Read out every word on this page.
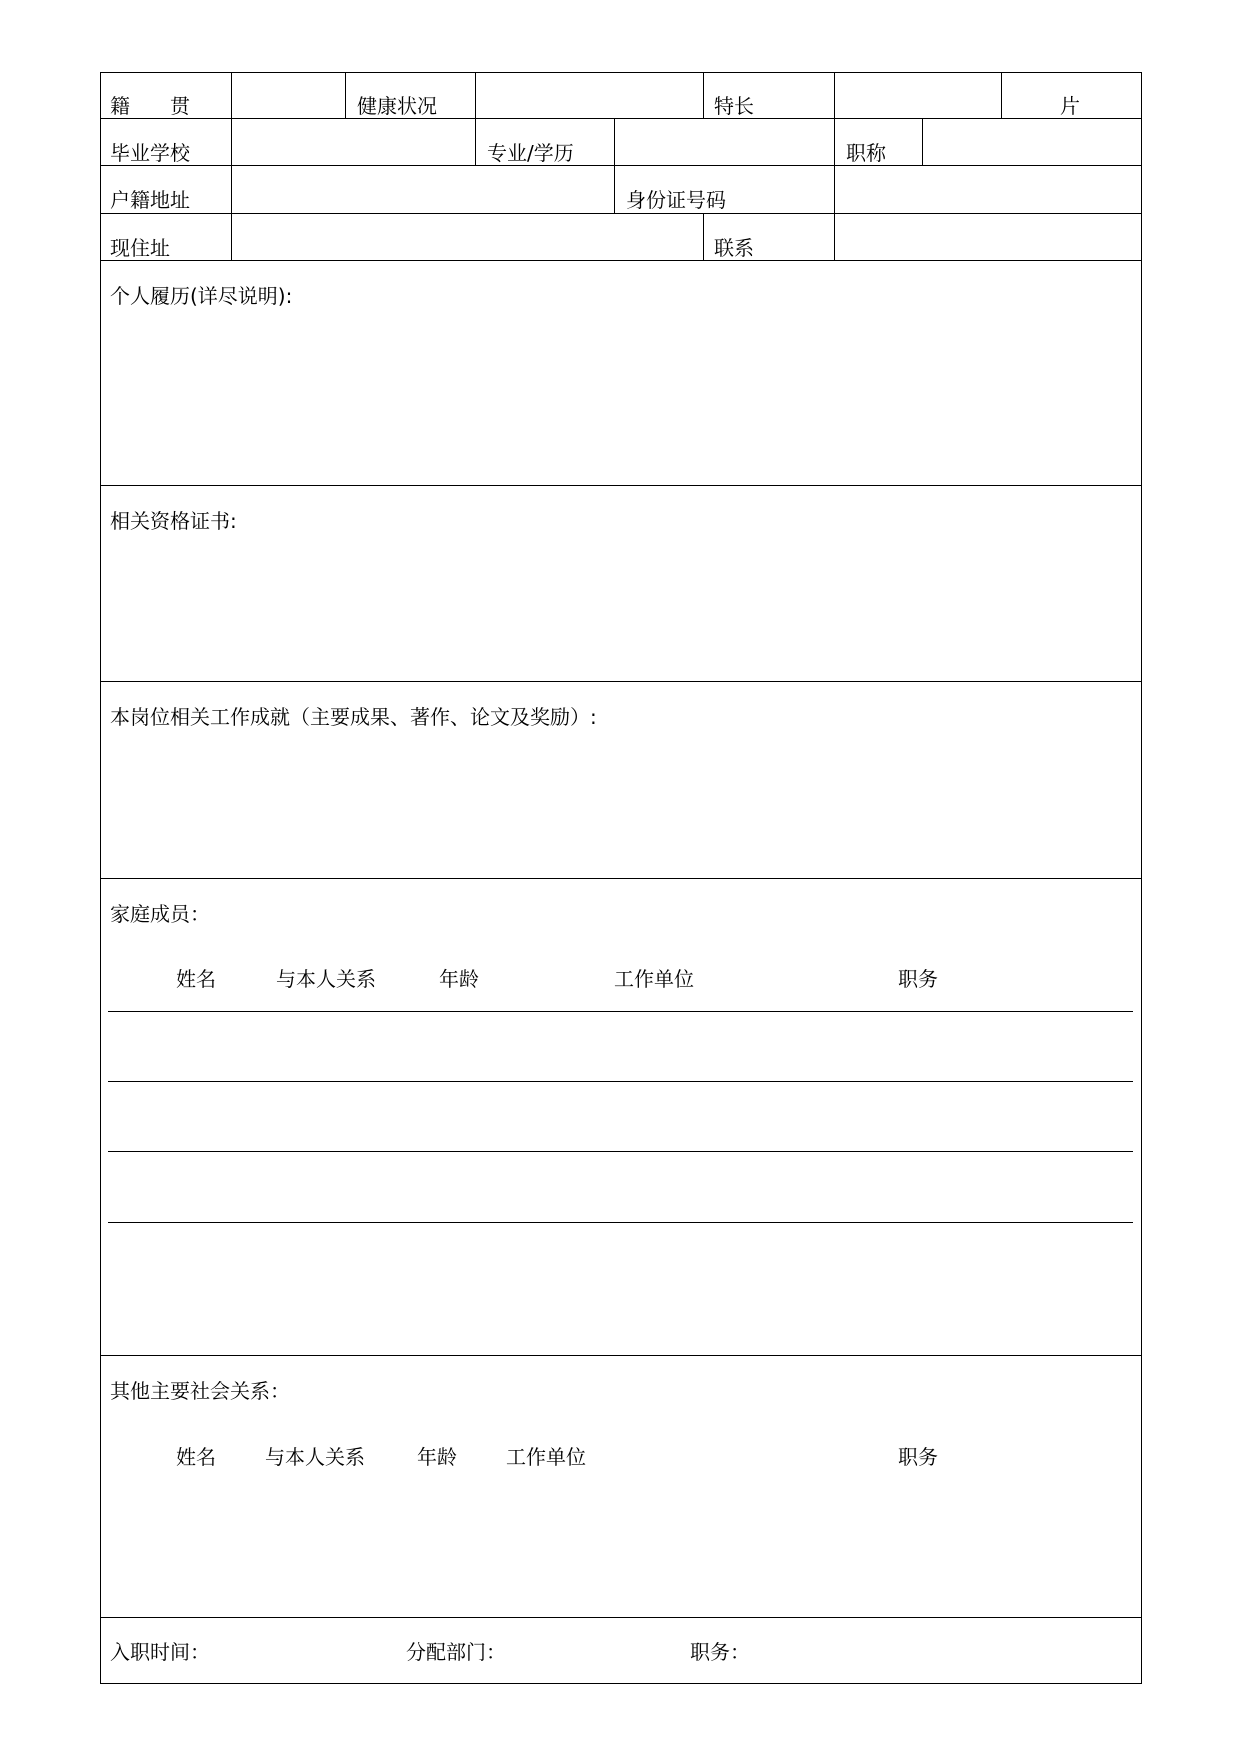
籍　　贯	健康状况	特长	片
毕业学校	专业/学历	职称
户籍地址	身份证号码
现住址	联系
个人履历(详尽说明):
相关资格证书:
本岗位相关工作成就（主要成果、著作、论文及奖励）:
家庭成员：
姓名	与本人关系	年龄	工作单位	职务
其他主要社会关系：
姓名 与本人关系	年龄 工作单位	职务
入职时间：	分配部门：	职务：
